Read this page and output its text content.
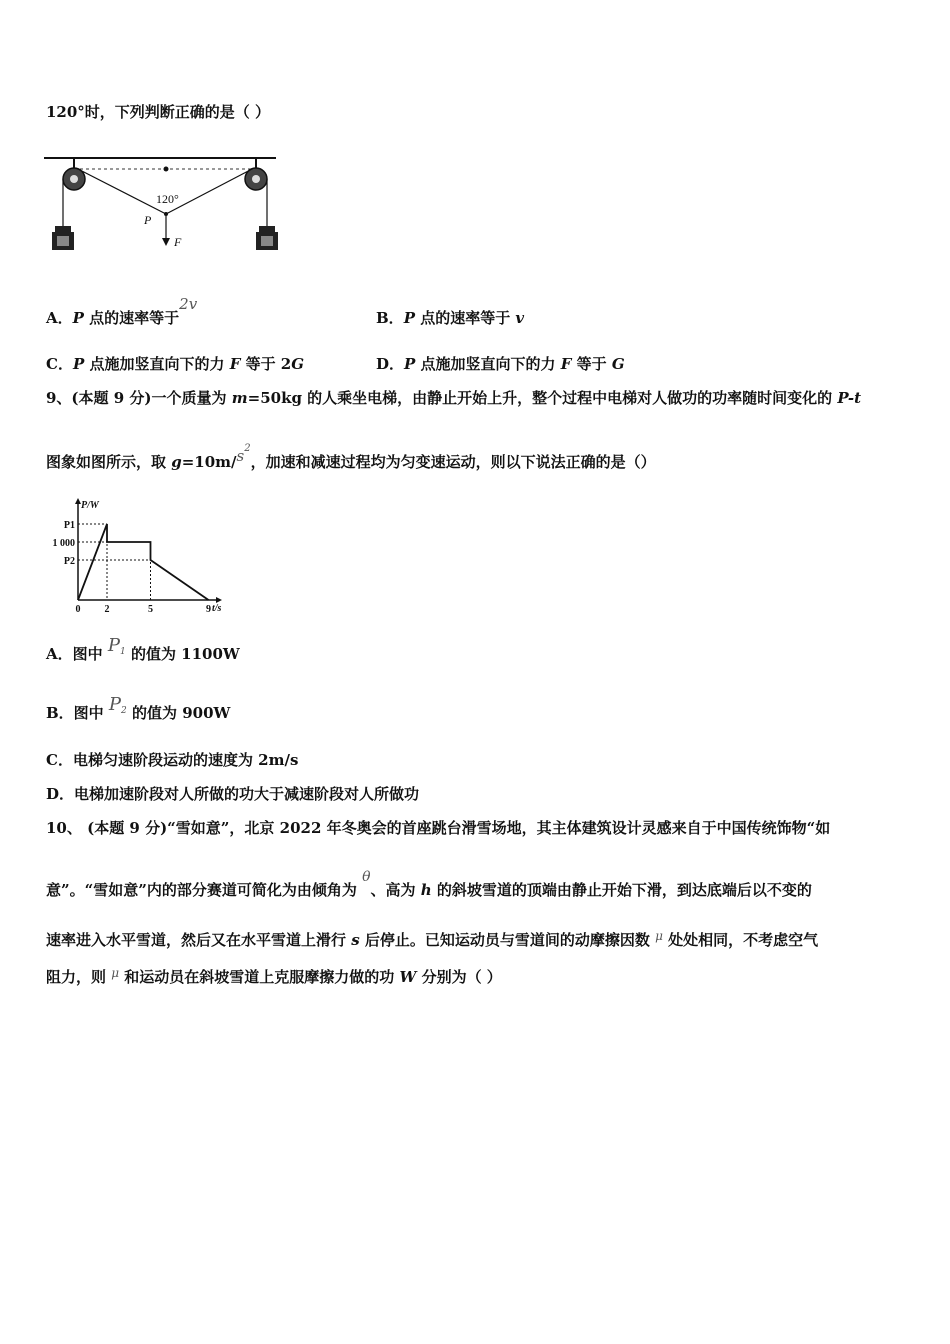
120°时，下列判断正确的是（ ）
120°
P
F
A．P 点的速率等于2v
B．P 点的速率等于 v
C．P 点施加竖直向下的力 F 等于 2G	D．P 点施加竖直向下的力 F 等于 G
9、(本题 9 分)一个质量为 m=50kg 的人乘坐电梯，由静止开始上升，整个过程中电梯对人做功的功率随时间变化的 P-t
图象如图所示，取 $g=10m/s^2$，加速和减速过程均为匀变速运动，则以下说法正确的是（）
P/W
t/s
P1
1 000
P2
0 2	5	9
A．图中 $P^1$ 的值为 1100W
B．图中 $P^2$ 的值为 900W
C．电梯匀速阶段运动的速度为 2m/s
D．电梯加速阶段对人所做的功大于减速阶段对人所做功
10、 (本题 9 分)“雪如意”，北京 2022 年冬奥会的首座跳台滑雪场地，其主体建筑设计灵感来自于中国传统饰物“如
意”。“雪如意”内的部分赛道可简化为由倾角为 θ、高为 h 的斜坡雪道的顶端由静止开始下滑，到达底端后以不变的
速率进入水平雪道，然后又在水平雪道上滑行 s 后停止。已知运动员与雪道间的动摩擦因数 $^\mu$ 处处相同，不考虑空气
阻力，则 $^\mu$ 和运动员在斜坡雪道上克服摩擦力做的功 W 分别为（ ）
